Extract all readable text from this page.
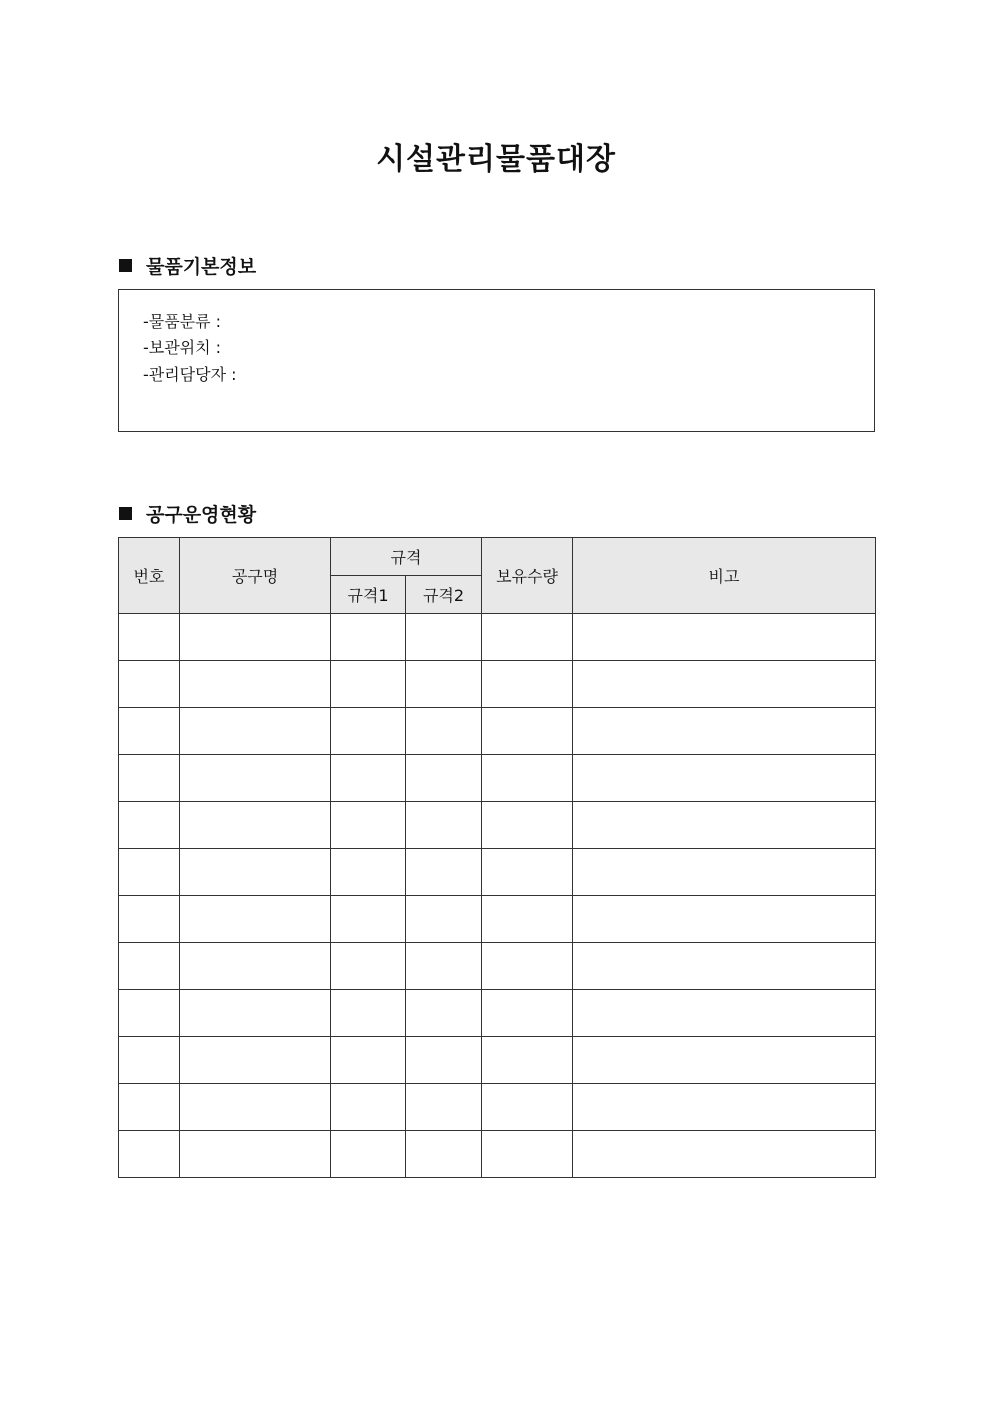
시설관리물품대장
물품기본정보
-물품분류 :
-보관위치 :
-관리담당자 :
공구운영현황
번호	공구명	규격		보유수량	비고
		규격1	규격2		
